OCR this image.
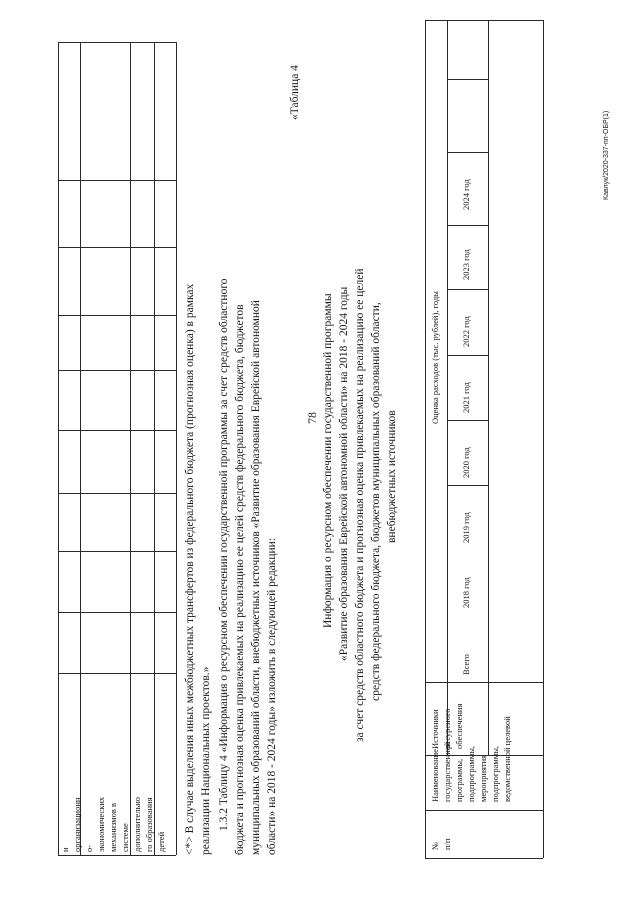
78
и организационн о- экономических механизмов в системе дополнительно го образования детей <*> В случае выделения иных межбюджетных трансфертов из федерального бюджета (прогнозная оценка) в рамках реализации Национальных проектов.» 1.3.2 Таблицу 4 «Информация о ресурсном обеспечении государственной программы за счет средств областного бюджета и прогнозная оценка привлекаемых на реализацию ее целей средств федерального бюджета, бюджетов муниципальных образований области, внебюджетных источников «Развитие образования Еврейской автономной области» на 2018 - 2024 годы» изложить в следующей редакции:
«Таблица 4
Информация о ресурсном обеспечении государственной программы «Развитие образования Еврейской автономной области» на 2018 - 2024 годы за счет средств областного бюджета и прогнозная оценка привлекаемых на реализацию ее целей средств федерального бюджета, бюджетов муниципальных образований области, внебюджетных источников
№ п/п
Наименование государственной программы, подпрограммы, мероприятия подпрограммы, ведомственной целевой
Источники ресурсного обеспечения
Оценка расходов (тыс. рублей), годы
Всего
2018 год
2019 год
2020 год
2021 год
2022 год
2023 год
2024 год	Кавлук/2020-337-пп-ОБР(1)
